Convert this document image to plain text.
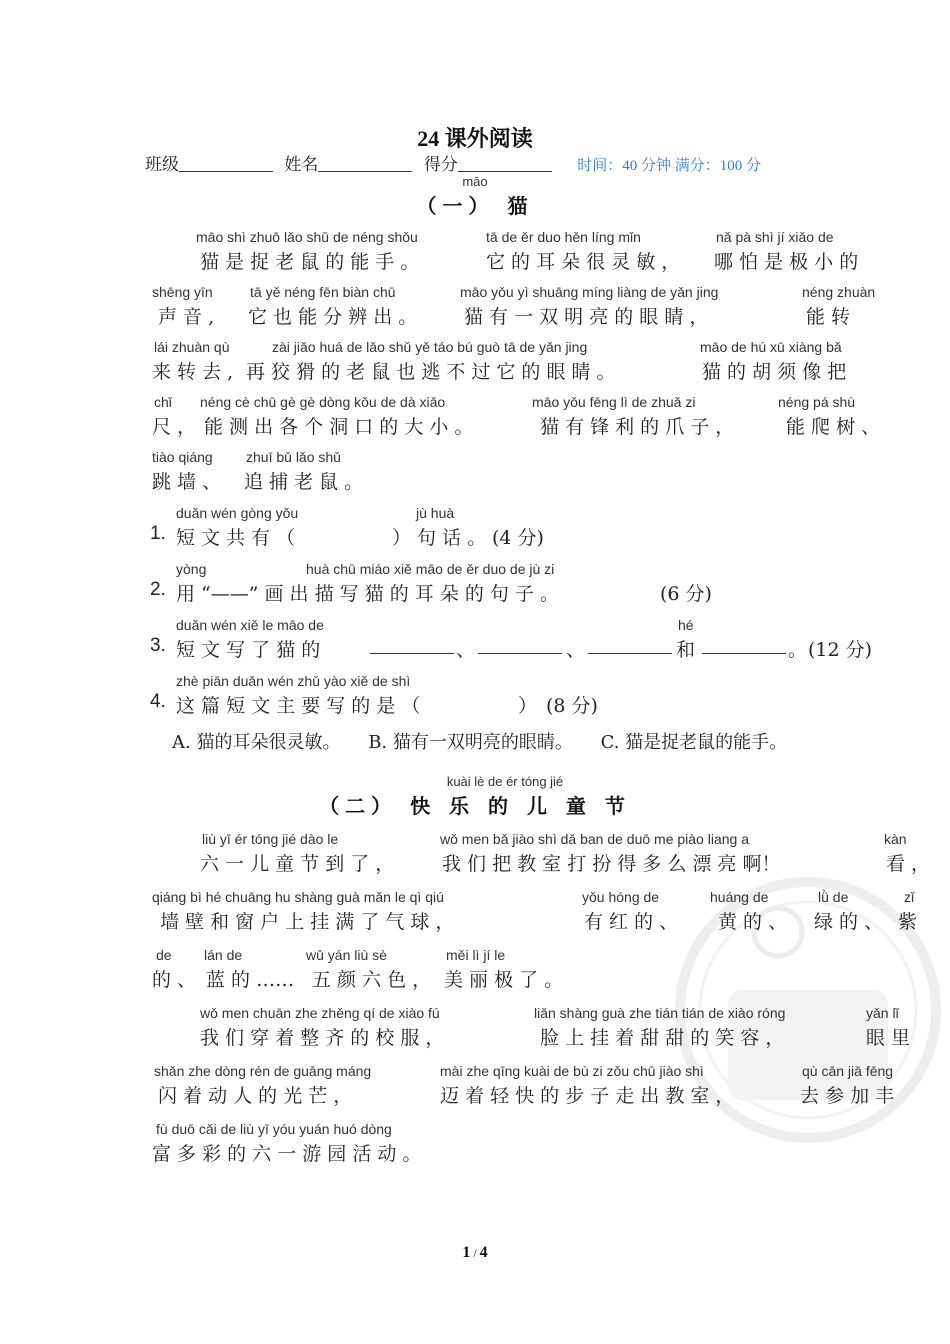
24 课外阅读
班级	姓名	得分	时间：40 分钟 满分：100 分
māo
（一） 猫
māo shì zhuō lǎo shǔ de néng shǒu	tā de ěr duo hěn líng mǐn	nǎ pà shì jí xiǎo de
猫 是 捉 老 鼠 的 能 手 。	它 的 耳 朵 很 灵 敏 ， 哪 怕 是 极 小 的
shēng yīn	tā yě néng fēn biàn chū	māo yǒu yì shuāng míng liàng de yǎn jing	néng zhuàn
声 音 , 它 也 能 分 辨 出 。 猫 有 一 双 明 亮 的 眼 睛 ，	能 转
lái zhuàn qù	zài jiǎo huá de lǎo shǔ yě táo bú guò tā de yǎn jing	māo de hú xū xiàng bǎ
来 转 去 , 再 狡 猾 的 老 鼠 也 逃 不 过 它 的 眼 睛 。	猫 的 胡 须 像 把
chǐ néng cè chū gè gè dòng kǒu de dà xiǎo	māo yǒu fēng lì de zhuǎ zi	néng pá shù
尺 ， 能 测 出 各 个 洞 口 的 大 小 。	猫 有 锋 利 的 爪 子 ，	能 爬 树 、
tiào qiáng zhuī bǔ lǎo shǔ
跳 墙 、 追 捕 老 鼠 。
duǎn wén gòng yǒu	jù huà
1. 短 文 共 有 （	） 句 话 。 (4 分)
yòng	huà chū miáo xiě māo de ěr duo de jù zi
2. 用 “——” 画 出 描 写 猫 的 耳 朵 的 句 子 。	(6 分)
duǎn wén xiě le māo de	hé
3. 短 文 写 了 猫 的	、	、	和	。 (12 分)
zhè piān duǎn wén zhǔ yào xiě de shì
4. 这 篇 短 文 主 要 写 的 是 （	） (8 分)
A. 猫的耳朵很灵敏。 B. 猫有一双明亮的眼睛。 C. 猫是捉老鼠的能手。
kuài lè de ér tóng jié
（二） 快 乐 的 儿 童 节
liù yī ér tóng jié dào le	wǒ men bǎ jiào shì dǎ ban de duō me piào liang a	kàn
六 一 儿 童 节 到 了 ，	我 们 把 教 室 打 扮 得 多 么 漂 亮 啊！	看 ，
qiáng bì hé chuāng hu shàng guà mǎn le qì qiú	yǒu hóng de	huáng de	lǜ de	zǐ
墙 壁 和 窗 户 上 挂 满 了 气 球 ，	有 红 的 、 黄 的 、 绿 的 、 紫
de lán de	wǔ yán liù sè	měi lì jí le
的 、 蓝 的 …… 五 颜 六 色 ， 美 丽 极 了 。
wǒ men chuān zhe zhěng qí de xiào fú	liǎn shàng guà zhe tián tián de xiào róng	yǎn lǐ
我 们 穿 着 整 齐 的 校 服 ，	脸 上 挂 着 甜 甜 的 笑 容 ，	眼 里
shǎn zhe dòng rén de guāng máng	mài zhe qīng kuài de bù zi zǒu chū jiào shì	qù cān jiā fēng
闪 着 动 人 的 光 芒 ，	迈 着 轻 快 的 步 子 走 出 教 室 ，	去 参 加 丰
fù duō cǎi de liù yī yóu yuán huó dòng
富 多 彩 的 六 一 游 园 活 动 。
1 / 4
